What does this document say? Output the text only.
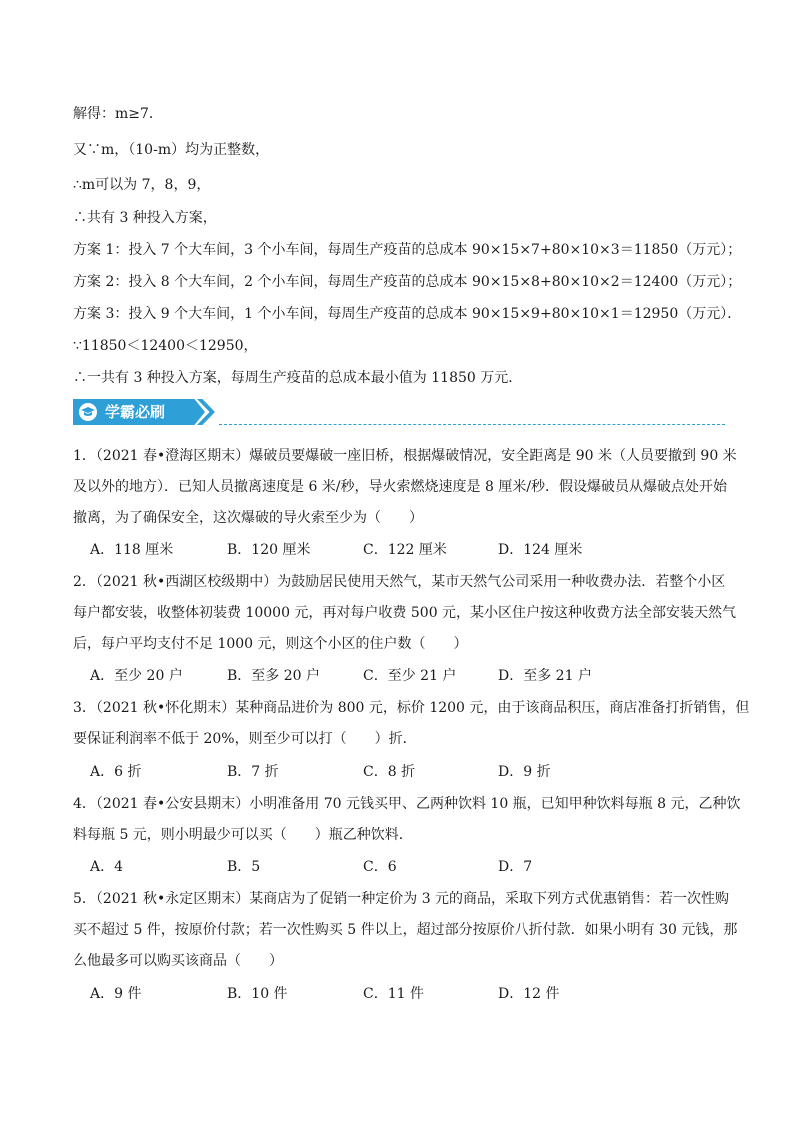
解得：m≥7．
又∵m，（10-m）均为正整数，
∴m可以为 7，8，9，
∴共有 3 种投入方案，
方案 1：投入 7 个大车间，3 个小车间，每周生产疫苗的总成本 90×15×7+80×10×3＝11850（万元）；
方案 2：投入 8 个大车间，2 个小车间，每周生产疫苗的总成本 90×15×8+80×10×2＝12400（万元）；
方案 3：投入 9 个大车间，1 个小车间，每周生产疫苗的总成本 90×15×9+80×10×1＝12950（万元）．
∵11850＜12400＜12950，
∴一共有 3 种投入方案，每周生产疫苗的总成本最小值为 11850 万元．
学霸必刷
1．（2021 春•澄海区期末）爆破员要爆破一座旧桥，根据爆破情况，安全距离是 90 米（人员要撤到 90 米
及以外的地方）．已知人员撤离速度是 6 米/秒，导火索燃烧速度是 8 厘米/秒．假设爆破员从爆破点处开始
撤离，为了确保安全，这次爆破的导火索至少为（　　）
A．118 厘米	B．120 厘米	C．122 厘米	D．124 厘米
2．（2021 秋•西湖区校级期中）为鼓励居民使用天然气，某市天然气公司采用一种收费办法．若整个小区
每户都安装，收整体初装费 10000 元，再对每户收费 500 元，某小区住户按这种收费方法全部安装天然气
后，每户平均支付不足 1000 元，则这个小区的住户数（　　）
A．至少 20 户	B．至多 20 户	C．至少 21 户	D．至多 21 户
3．（2021 秋•怀化期末）某种商品进价为 800 元，标价 1200 元，由于该商品积压，商店准备打折销售，但
要保证利润率不低于 20%，则至少可以打（　　）折．
A．6 折	B．7 折	C．8 折	D．9 折
4．（2021 春•公安县期末）小明准备用 70 元钱买甲、乙两种饮料 10 瓶，已知甲种饮料每瓶 8 元，乙种饮
料每瓶 5 元，则小明最少可以买（　　）瓶乙种饮料．
A．4	B．5	C．6	D．7
5．（2021 秋•永定区期末）某商店为了促销一种定价为 3 元的商品，采取下列方式优惠销售：若一次性购
买不超过 5 件，按原价付款；若一次性购买 5 件以上，超过部分按原价八折付款．如果小明有 30 元钱，那
么他最多可以购买该商品（　　）
A．9 件	B．10 件	C．11 件	D．12 件
